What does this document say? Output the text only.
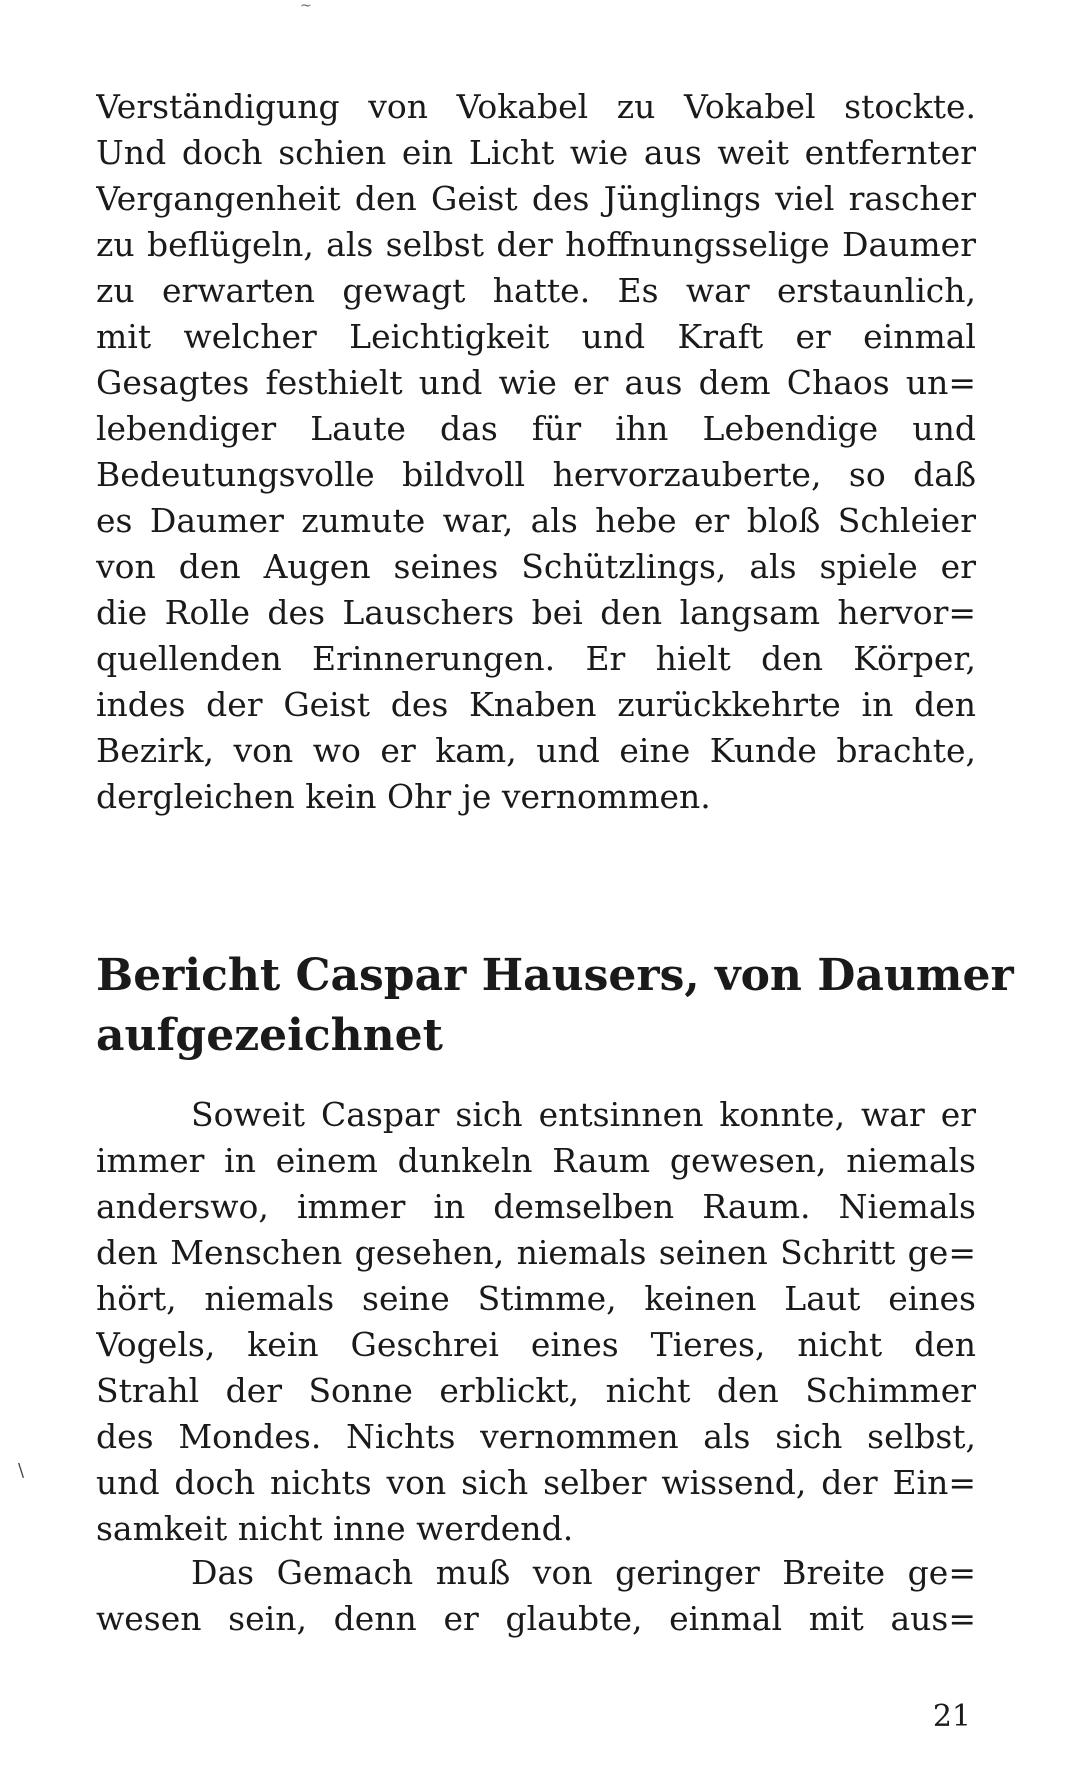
~
Verständigung von Vokabel zu Vokabel stockte.
Und doch schien ein Licht wie aus weit entfernter
Vergangenheit den Geist des Jünglings viel rascher
zu beflügeln, als selbst der hoffnungsselige Daumer
zu erwarten gewagt hatte. Es war erstaunlich,
mit welcher Leichtigkeit und Kraft er einmal
Gesagtes festhielt und wie er aus dem Chaos un=
lebendiger Laute das für ihn Lebendige und
Bedeutungsvolle bildvoll hervorzauberte, so daß
es Daumer zumute war, als hebe er bloß Schleier
von den Augen seines Schützlings, als spiele er
die Rolle des Lauschers bei den langsam hervor=
quellenden Erinnerungen. Er hielt den Körper,
indes der Geist des Knaben zurückkehrte in den
Bezirk, von wo er kam, und eine Kunde brachte,
dergleichen kein Ohr je vernommen.
Bericht Caspar Hausers, von Daumer
aufgezeichnet
Soweit Caspar sich entsinnen konnte, war er
immer in einem dunkeln Raum gewesen, niemals
anderswo, immer in demselben Raum. Niemals
den Menschen gesehen, niemals seinen Schritt ge=
hört, niemals seine Stimme, keinen Laut eines
Vogels, kein Geschrei eines Tieres, nicht den
Strahl der Sonne erblickt, nicht den Schimmer
des Mondes. Nichts vernommen als sich selbst,
und doch nichts von sich selber wissend, der Ein=
samkeit nicht inne werdend.
Das Gemach muß von geringer Breite ge=
wesen sein, denn er glaubte, einmal mit aus=
\
21
